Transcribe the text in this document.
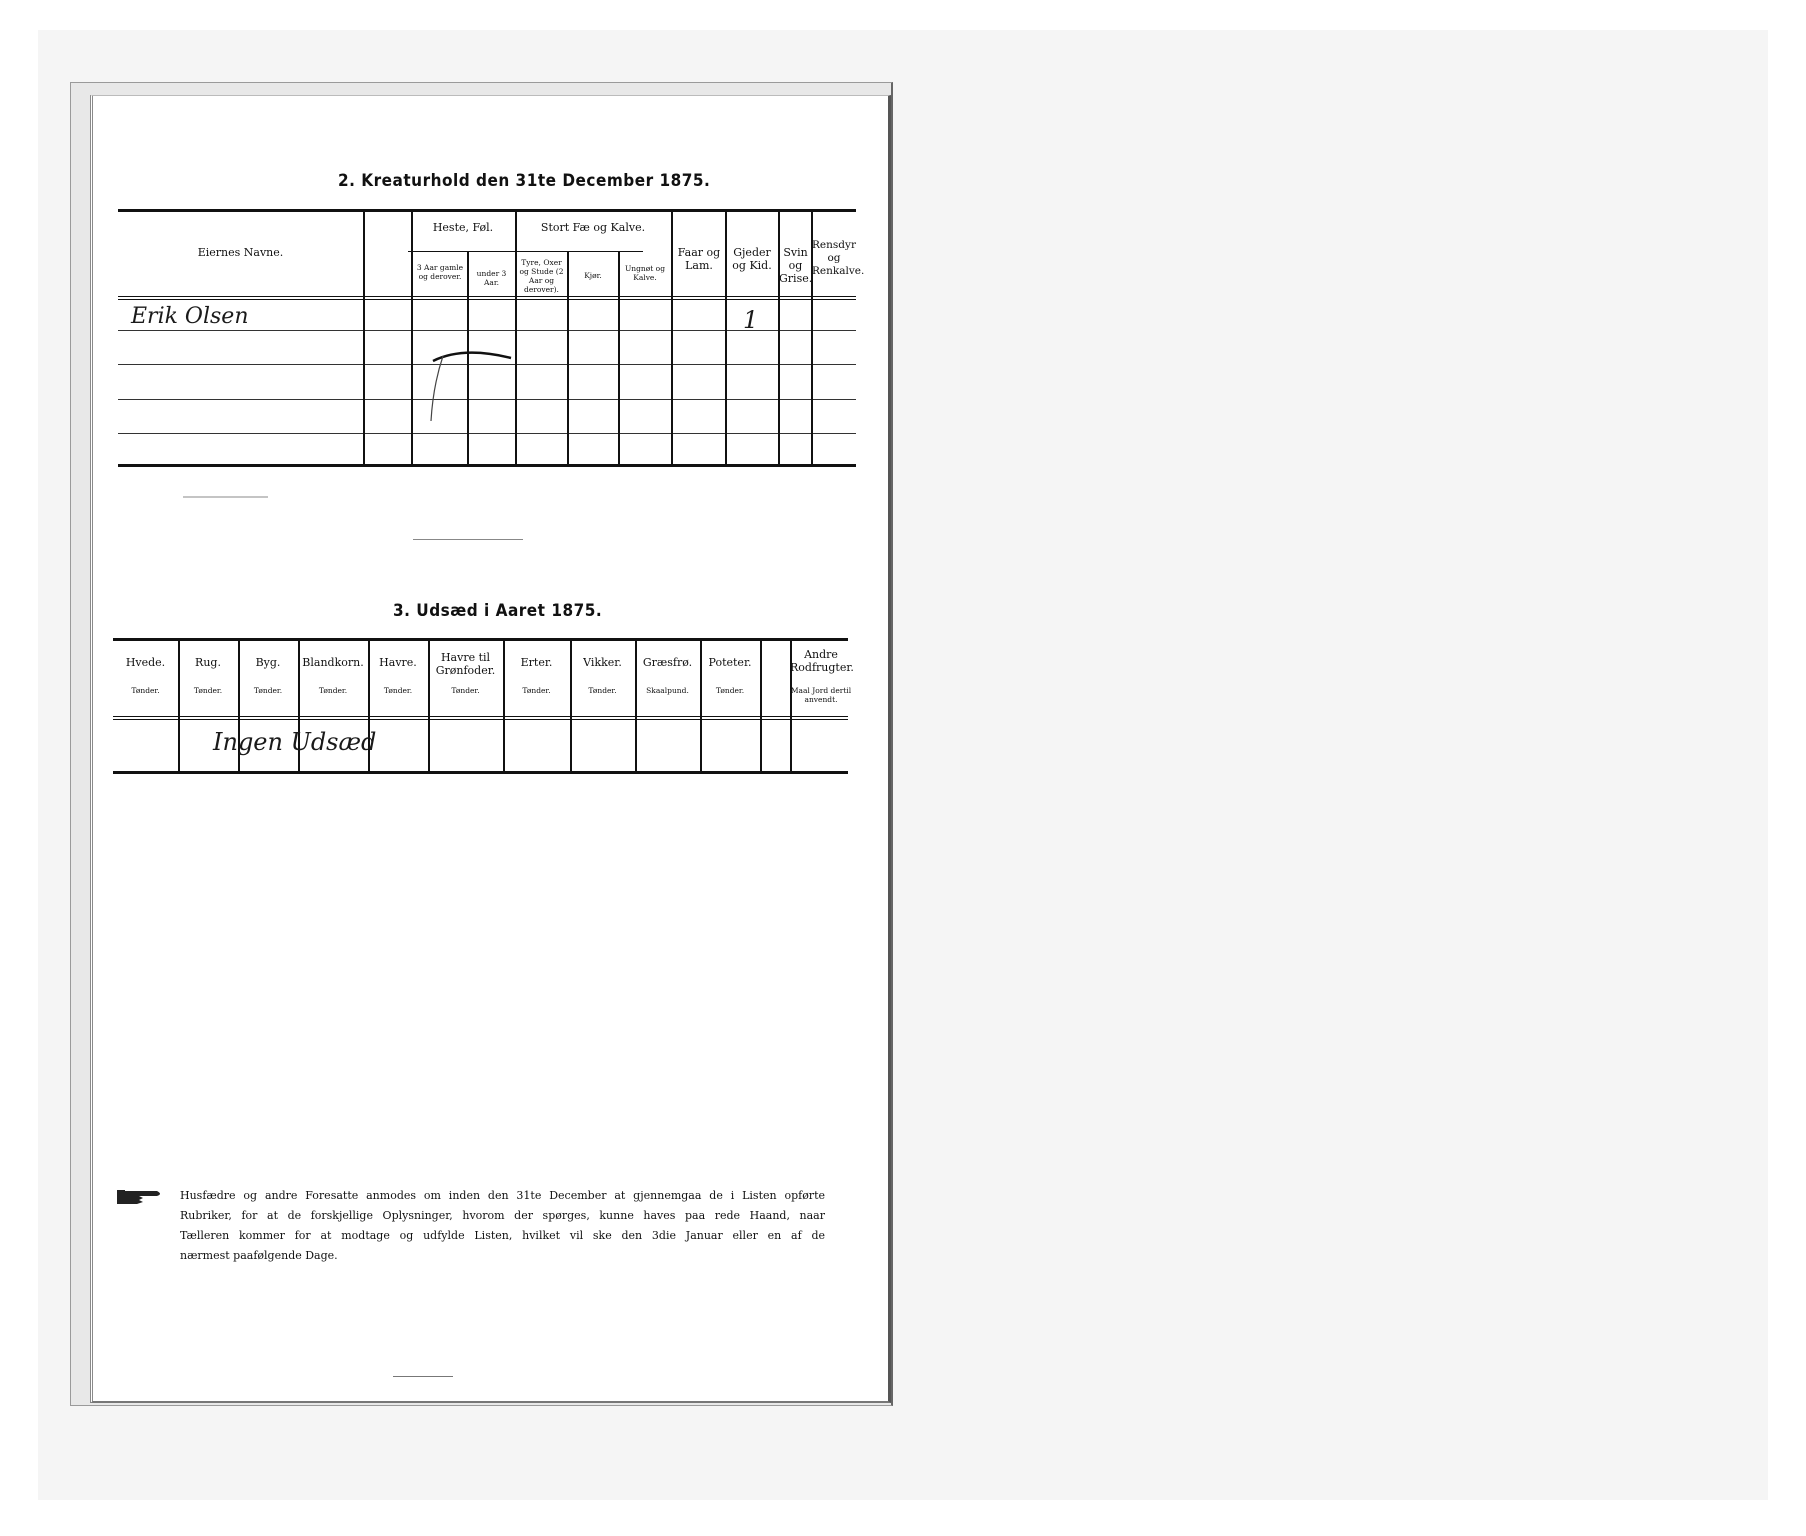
2. Kreaturhold den 31te December 1875.
Eiernes Navne.
Heste, Føl.
3 Aar gamle og derover.	under 3 Aar.
Stort Fæ og Kalve.
Tyre, Oxer og Stude (2 Aar og derover).
Kjør.
Ungnøt og Kalve.
Faar og Lam.
Gjeder og Kid.
Svin og Grise.
Rensdyr og Renkalve.
Erik Olsen	1
3. Udsæd i Aaret 1875.
Hvede.
Tønder.
Rug.
Tønder.
Byg.
Tønder.
Blandkorn.
Tønder.
Havre.
Tønder.
Havre til Grønfoder.
Tønder.
Erter.
Tønder.
Vikker.
Tønder.
Græsfrø.
Skaalpund.
Poteter.
Tønder.
Andre Rodfrugter.
Maal Jord dertil anvendt.
Ingen Udsæd
Husfædre og andre Foresatte anmodes om inden den 31te December at gjennemgaa de i Listen opførte
Rubriker, for at de forskjellige Oplysninger, hvorom der spørges, kunne haves paa rede Haand, naar
Tælleren kommer for at modtage og udfylde Listen, hvilket vil ske den 3die Januar eller en af de
nærmest paafølgende Dage.
